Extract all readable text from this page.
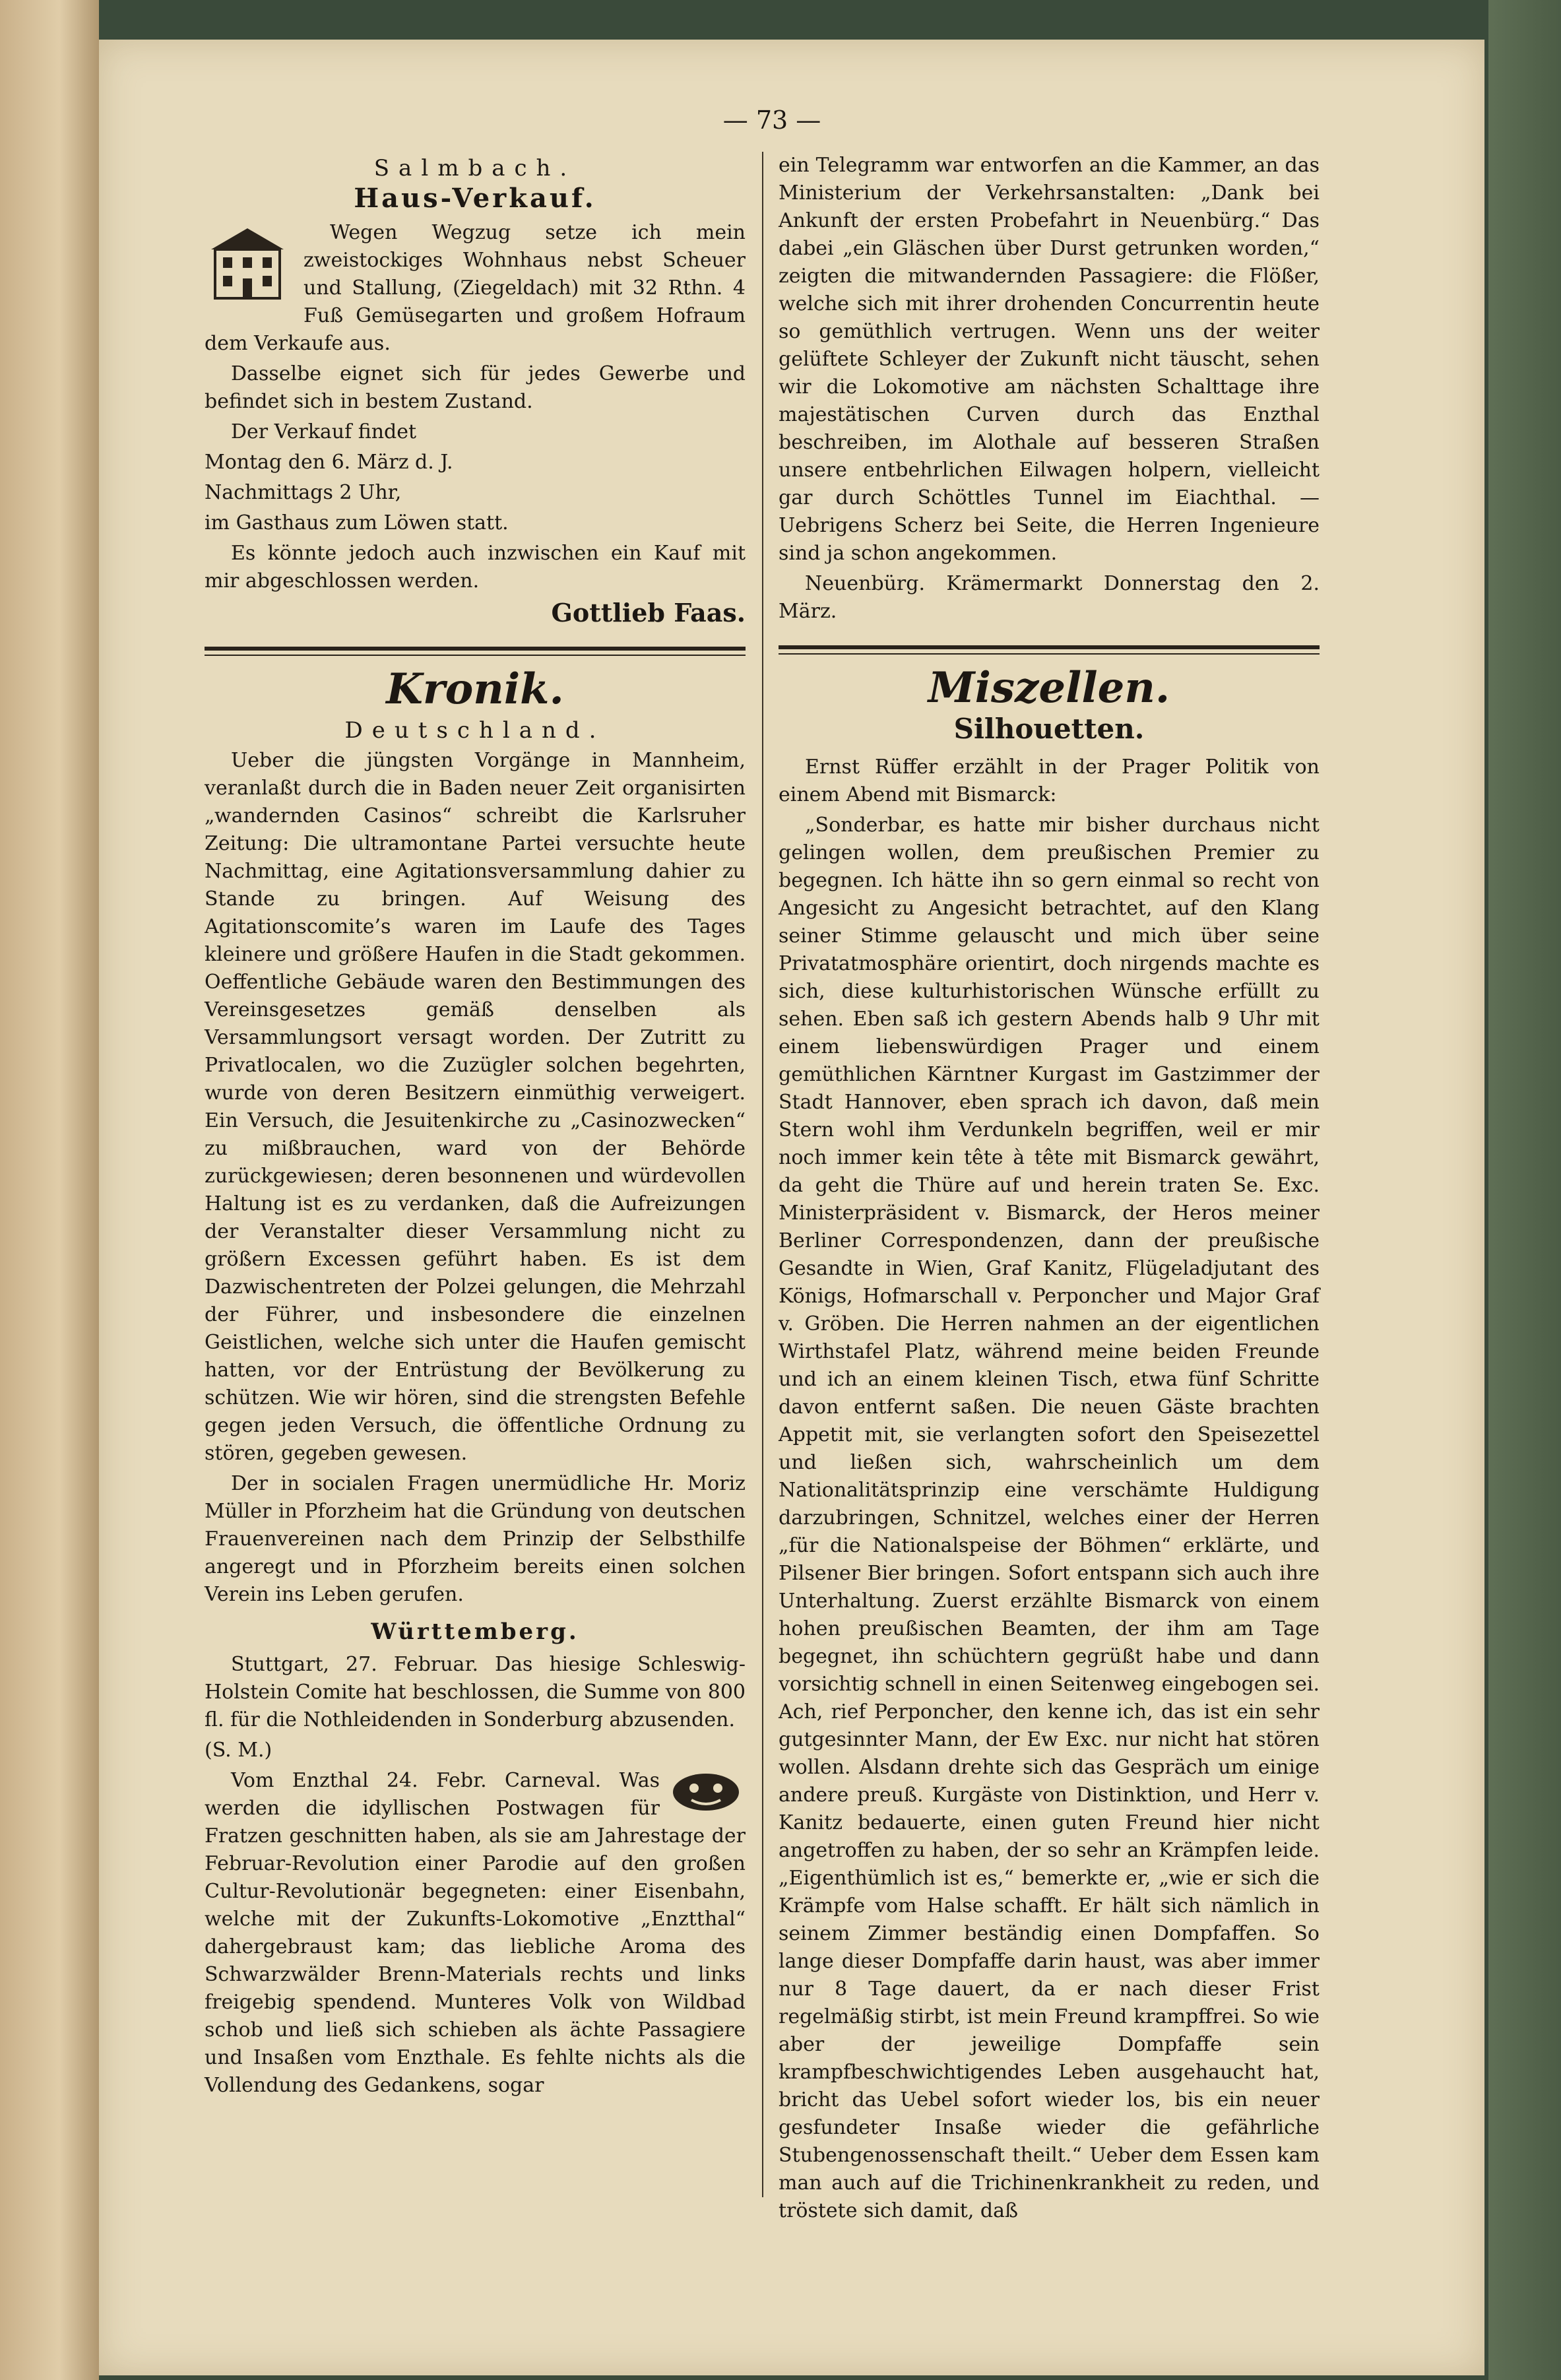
— 73 —
Salmbach.
Haus-Verkauf.

Wegen Wegzug setze ich mein zweistockiges Wohnhaus nebst Scheuer und Stallung, (Ziegeldach) mit 32 Rthn. 4 Fuß Gemüsegarten und großem Hofraum dem Verkaufe aus.

Dasselbe eignet sich für jedes Gewerbe und befindet sich in bestem Zustand.

Der Verkauf findet

Montag den 6. März d. J.

Nachmittags 2 Uhr,

im Gasthaus zum Löwen statt.

Es könnte jedoch auch inzwischen ein Kauf mit mir abgeschlossen werden.

Gottlieb Faas.
Kronik.
Deutschland.

Ueber die jüngsten Vorgänge in Mannheim, veranlaßt durch die in Baden neuer Zeit organisirten „wandernden Casinos“ schreibt die Karlsruher Zeitung: Die ultramontane Partei versuchte heute Nachmittag, eine Agitationsversammlung dahier zu Stande zu bringen. Auf Weisung des Agitationscomite’s waren im Laufe des Tages kleinere und größere Haufen in die Stadt gekommen. Oeffentliche Gebäude waren den Bestimmungen des Vereinsgesetzes gemäß denselben als Versammlungsort versagt worden. Der Zutritt zu Privatlocalen, wo die Zuzügler solchen begehrten, wurde von deren Besitzern einmüthig verweigert. Ein Versuch, die Jesuitenkirche zu „Casinozwecken“ zu mißbrauchen, ward von der Behörde zurückgewiesen; deren besonnenen und würdevollen Haltung ist es zu verdanken, daß die Aufreizungen der Veranstalter dieser Versammlung nicht zu größern Excessen geführt haben. Es ist dem Dazwischentreten der Polzei gelungen, die Mehrzahl der Führer, und insbesondere die einzelnen Geistlichen, welche sich unter die Haufen gemischt hatten, vor der Entrüstung der Bevölkerung zu schützen. Wie wir hören, sind die strengsten Befehle gegen jeden Versuch, die öffentliche Ordnung zu stören, gegeben gewesen.

Der in socialen Fragen unermüdliche Hr. Moriz Müller in Pforzheim hat die Gründung von deutschen Frauenvereinen nach dem Prinzip der Selbsthilfe angeregt und in Pforzheim bereits einen solchen Verein ins Leben gerufen.

Württemberg.

Stuttgart, 27. Februar. Das hiesige Schleswig-Holstein Comite hat beschlossen, die Summe von 800 fl. für die Nothleidenden in Sonderburg abzusenden.

(S. M.)

Vom Enzthal 24. Febr. Carneval. Was werden die idyllischen Postwagen für Fratzen geschnitten haben, als sie am Jahrestage der Februar-Revolution einer Parodie auf den großen Cultur-Revolutionär begegneten: einer Eisenbahn, welche mit der Zukunfts-Lokomotive „Enztthal“ dahergebraust kam; das liebliche Aroma des Schwarzwälder Brenn-Materials rechts und links freigebig spendend. Munteres Volk von Wildbad schob und ließ sich schieben als ächte Passagiere und Insaßen vom Enzthale. Es fehlte nichts als die Vollendung des Gedankens, sogar

ein Telegramm war entworfen an die Kammer, an das Ministerium der Verkehrsanstalten: „Dank bei Ankunft der ersten Probefahrt in Neuenbürg.“ Das dabei „ein Gläschen über Durst getrunken worden,“ zeigten die mitwandernden Passagiere: die Flößer, welche sich mit ihrer drohenden Concurrentin heute so gemüthlich vertrugen. Wenn uns der weiter gelüftete Schleyer der Zukunft nicht täuscht, sehen wir die Lokomotive am nächsten Schalttage ihre majestätischen Curven durch das Enzthal beschreiben, im Alothale auf besseren Straßen unsere entbehrlichen Eilwagen holpern, vielleicht gar durch Schöttles Tunnel im Eiachthal. — Uebrigens Scherz bei Seite, die Herren Ingenieure sind ja schon angekommen.

Neuenbürg. Krämermarkt Donnerstag den 2. März.

Miszellen.
Silhouetten.

Ernst Rüffer erzählt in der Prager Politik von einem Abend mit Bismarck:

„Sonderbar, es hatte mir bisher durchaus nicht gelingen wollen, dem preußischen Premier zu begegnen. Ich hätte ihn so gern einmal so recht von Angesicht zu Angesicht betrachtet, auf den Klang seiner Stimme gelauscht und mich über seine Privatatmosphäre orientirt, doch nirgends machte es sich, diese kulturhistorischen Wünsche erfüllt zu sehen. Eben saß ich gestern Abends halb 9 Uhr mit einem liebenswürdigen Prager und einem gemüthlichen Kärntner Kurgast im Gastzimmer der Stadt Hannover, eben sprach ich davon, daß mein Stern wohl ihm Verdunkeln begriffen, weil er mir noch immer kein tête à tête mit Bismarck gewährt, da geht die Thüre auf und herein traten Se. Exc. Ministerpräsident v. Bismarck, der Heros meiner Berliner Correspondenzen, dann der preußische Gesandte in Wien, Graf Kanitz, Flügeladjutant des Königs, Hofmarschall v. Perponcher und Major Graf v. Gröben. Die Herren nahmen an der eigentlichen Wirthstafel Platz, während meine beiden Freunde und ich an einem kleinen Tisch, etwa fünf Schritte davon entfernt saßen. Die neuen Gäste brachten Appetit mit, sie verlangten sofort den Speisezettel und ließen sich, wahrscheinlich um dem Nationalitätsprinzip eine verschämte Huldigung darzubringen, Schnitzel, welches einer der Herren „für die Nationalspeise der Böhmen“ erklärte, und Pilsener Bier bringen. Sofort entspann sich auch ihre Unterhaltung. Zuerst erzählte Bismarck von einem hohen preußischen Beamten, der ihm am Tage begegnet, ihn schüchtern gegrüßt habe und dann vorsichtig schnell in einen Seitenweg eingebogen sei. Ach, rief Perponcher, den kenne ich, das ist ein sehr gutgesinnter Mann, der Ew Exc. nur nicht hat stören wollen. Alsdann drehte sich das Gespräch um einige andere preuß. Kurgäste von Distinktion, und Herr v. Kanitz bedauerte, einen guten Freund hier nicht angetroffen zu haben, der so sehr an Krämpfen leide. „Eigenthümlich ist es,“ bemerkte er, „wie er sich die Krämpfe vom Halse schafft. Er hält sich nämlich in seinem Zimmer beständig einen Dompfaffen. So lange dieser Dompfaffe darin haust, was aber immer nur 8 Tage dauert, da er nach dieser Frist regelmäßig stirbt, ist mein Freund krampffrei. So wie aber der jeweilige Dompfaffe sein krampfbeschwichtigendes Leben ausgehaucht hat, bricht das Uebel sofort wieder los, bis ein neuer gesfundeter Insaße wieder die gefährliche Stubengenossenschaft theilt.“ Ueber dem Essen kam man auch auf die Trichinenkrankheit zu reden, und tröstete sich damit, daß
